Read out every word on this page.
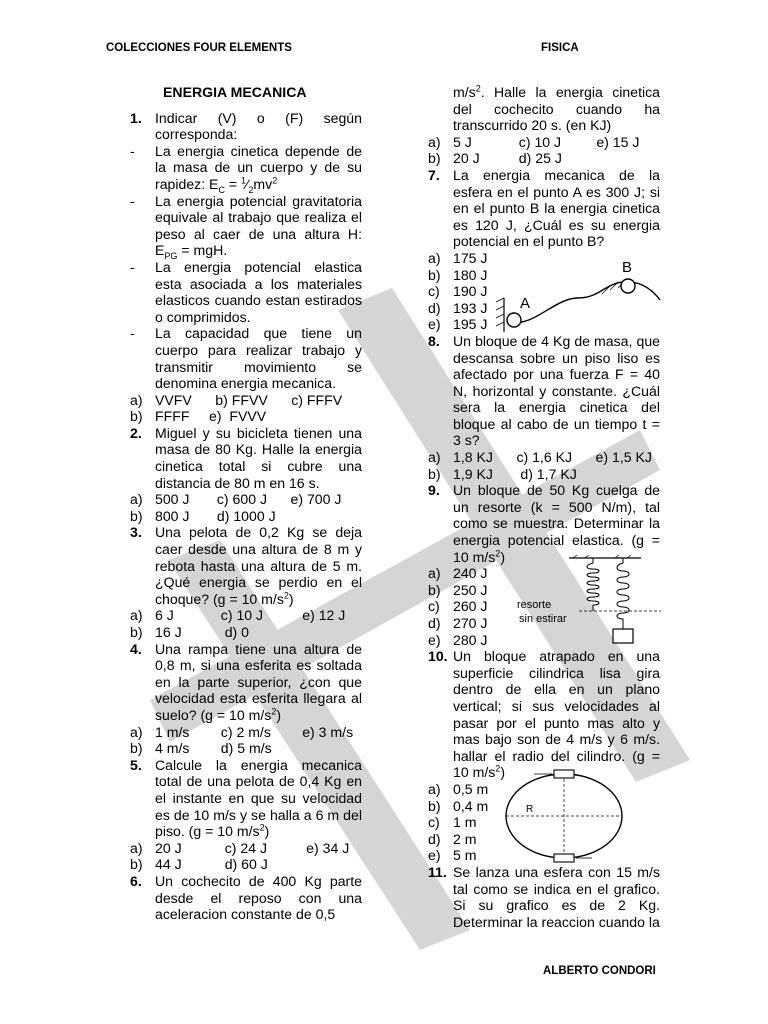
COLECCIONES FOUR ELEMENTS	FISICA
ENERGIA MECANICA
1. Indicar (V) o (F) según corresponda:
-	La energia cinetica depende de la masa de un cuerpo y de su rapidez: $E_C$ = $^1⁄_2mv^2$
-	La energia potencial gravitatoria equivale al trabajo que realiza el peso al caer de una altura H: $E_{PG}$ = mgH.
-	La energia potencial elastica esta asociada a los materiales elasticos cuando estan estirados o comprimidos.
-	La capacidad que tiene un cuerpo para realizar trabajo y transmitir movimiento se denomina energia mecanica.
a) VVFV      b) FFVV      c) FFFV
b) FFFF     e)  FVVV
2. Miguel y su bicicleta tienen una masa de 80 Kg. Halle la energia cinetica total si cubre una distancia de 80 m en 16 s.
a) 500 J       c) 600 J      e) 700 J
b) 800 J       d) 1000 J
3. Una pelota de 0,2 Kg se deja caer desde una altura de 8 m y rebota hasta una altura de 5 m. ¿Qué energia se perdio en el choque? (g = 10 $m/s^2$)
a) 6 J            c) 10 J          e) 12 J
b) 16 J           d) 0
4. Una rampa tiene una altura de 0,8 m, si una esferita es soltada en la parte superior, ¿con que velocidad esta esferita llegara al suelo? (g = 10 $m/s^2$)
a) 1 m/s        c) 2 m/s        e) 3 m/s
b) 4 m/s        d) 5 m/s
5. Calcule la energia mecanica total de una pelota de 0,4 Kg en el instante en que su velocidad es de 10 m/s y se halla a 6 m del piso. (g = 10 $m/s^2$)
a) 20 J           c) 24 J          e) 34 J
b) 44 J           d) 60 J
6. Un cochecito de 400 Kg parte desde el reposo con una aceleracion constante de 0,5
$m/s^2$. Halle la energia cinetica del cochecito cuando ha transcurrido 20 s. (en KJ)
a) 5 J            c) 10 J         e) 15 J
b) 20 J          d) 25 J
7. La energia mecanica de la esfera en el punto A es 300 J; si en el punto B la energia cinetica es 120 J, ¿Cuál es su energia potencial en el punto B?
a) 175 J
b) 180 J
c) 190 J
d) 193 J
e) 195 J
8. Un bloque de 4 Kg de masa, que descansa sobre un piso liso es afectado por una fuerza F = 40 N, horizontal y constante. ¿Cuál sera la energia cinetica del bloque al cabo de un tiempo t = 3 s?
a) 1,8 KJ      c) 1,6 KJ      e) 1,5 KJ
b) 1,9 KJ       d) 1,7 KJ
9. Un bloque de 50 Kg cuelga de un resorte (k = 500 N/m), tal como se muestra. Determinar la energia potencial elastica. (g = 10 $m/s^2$)
a) 240 J
b) 250 J
c) 260 J
d) 270 J
e) 280 J
10. Un bloque atrapado en una superficie cilindrica lisa gira dentro de ella en un plano vertical; si sus velocidades al pasar por el punto mas alto y mas bajo son de 4 m/s y 6 m/s. hallar el radio del cilindro. (g = 10 $m/s^2$)
a) 0,5 m
b) 0,4 m
c) 1 m
d) 2 m
e) 5 m
11. Se lanza una esfera con 15 m/s tal como se indica en el grafico. Si su grafico es de 2 Kg. Determinar la reaccion cuando la
A
B
resorte
sin estirar
R
ALBERTO CONDORI
